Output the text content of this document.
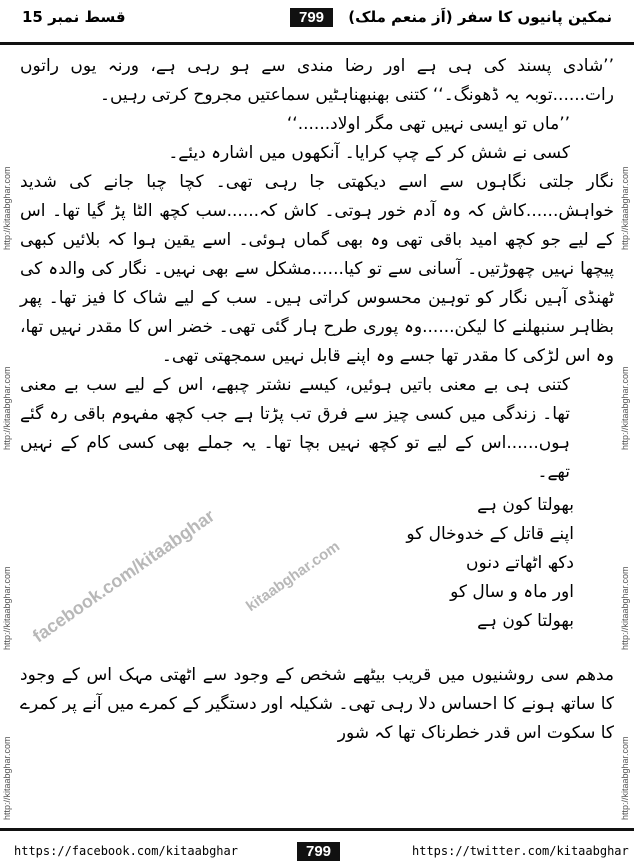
نمکین پانیوں کا سفر (اَز منعم ملک)
799
قسط نمبر 15
http://kitaabghar.com
http://kitaabghar.com
http://kitaabghar.com
http://kitaabghar.com
http://kitaabghar.com
http://kitaabghar.com
http://kitaabghar.com
http://kitaabghar.com

’’شادی پسند کی ہی ہے اور رضا مندی سے ہو رہی ہے، ورنہ یوں راتوں رات......توبہ یہ ڈھونگ۔‘‘ کتنی بھنبھناہٹیں سماعتیں مجروح کرتی رہیں۔

’’ماں تو ایسی نہیں تھی مگر اولاد......‘‘

کسی نے شش کر کے چپ کرایا۔ آنکھوں میں اشارہ دیئے۔

نگار جلتی نگاہوں سے اسے دیکھتی جا رہی تھی۔ کچا چبا جانے کی شدید خواہش......کاش کہ وہ آدم خور ہوتی۔ کاش کہ......سب کچھ الٹا پڑ گیا تھا۔ اس کے لیے جو کچھ امید باقی تھی وہ بھی گماں ہوئی۔ اسے یقین ہوا کہ بلائیں کبھی پیچھا نہیں چھوڑتیں۔ آسانی سے تو کیا......مشکل سے بھی نہیں۔ نگار کی والدہ کی ٹھنڈی آہیں نگار کو توہین محسوس کراتی ہیں۔ سب کے لیے شاک کا فیز تھا۔ پھر بظاہر سنبھلنے کا لیکن......وہ پوری طرح ہار گئی تھی۔ خضر اس کا مقدر نہیں تھا، وہ اس لڑکی کا مقدر تھا جسے وہ اپنے قابل نہیں سمجھتی تھی۔

کتنی ہی بے معنی باتیں ہوئیں، کیسے نشتر چبھے، اس کے لیے سب بے معنی تھا۔ زندگی میں کسی چیز سے فرق تب پڑتا ہے جب کچھ مفہوم باقی رہ گئے ہوں......اس کے لیے تو کچھ نہیں بچا تھا۔ یہ جملے بھی کسی کام کے نہیں تھے۔

facebook.com/kitaabghar kitaabghar.com

بھولتا کون ہے

اپنے قاتل کے خدوخال کو

دکھ اٹھاتے دنوں

اور ماہ و سال کو

بھولتا کون ہے

مدھم سی روشنیوں میں قریب بیٹھے شخص کے وجود سے اٹھتی مہک اس کے وجود کا ساتھ ہونے کا احساس دلا رہی تھی۔ شکیلہ اور دستگیر کے کمرے میں آنے پر کمرے کا سکوت اس قدر خطرناک تھا کہ شور

https://facebook.com/kitaabghar	799	https://twitter.com/kitaabghar
